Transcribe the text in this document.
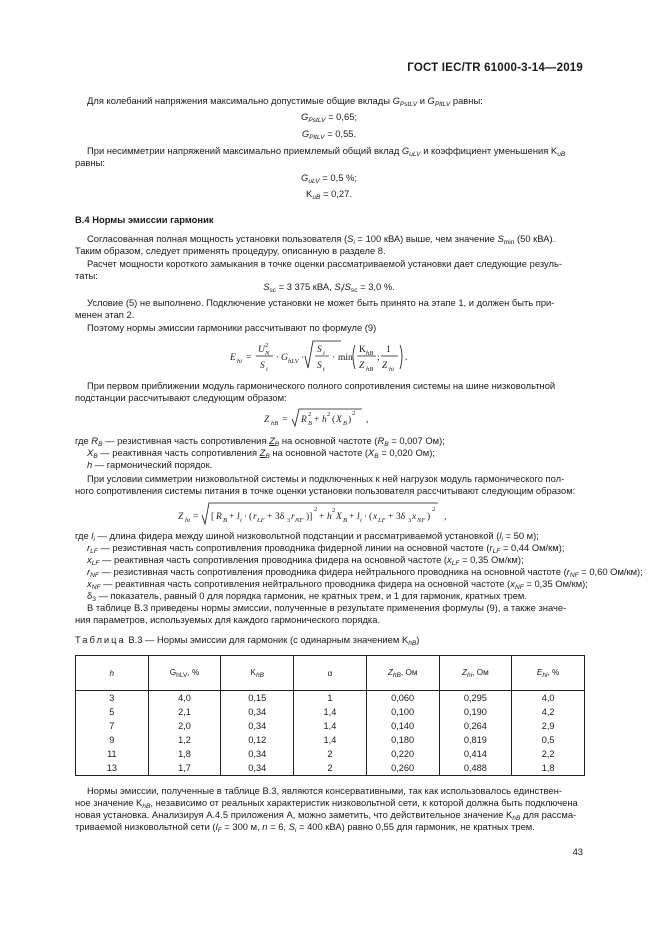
ГОСТ IEC/TR 61000-3-14—2019
Для колебаний напряжения максимально допустимые общие вклады $G_{PstLV}$ и $G_{PltLV}$ равны:
$G_{PstLV} = 0,65$;
$G_{PltLV} = 0,55$.
При несимметрии напряжений максимально приемлемый общий вклад $G_{uLV}$ и коэффициент уменьшения $K_{uB}$
равны:
$G_{uLV} = 0,5$ %;
$K_{uB} = 0,27$.
B.4 Нормы эмиссии гармоник
Согласованная полная мощность установки пользователя ($S_i = 100$ кВА) выше, чем значение $S_{min}$ (50 кВА).
Таким образом, следует применять процедуру, описанную в разделе 8.
Расчет мощности короткого замыкания в точке оценки рассматриваемой установки дает следующие резуль-
таты:
$S_{sc} = 3$ 375 кВА, $S_i/S_{sc} = 3,0$ %.
Условие (5) не выполнено. Подключение установки не может быть принято на этапе 1, и должен быть при-
менен этап 2.
Поэтому нормы эмиссии гармоники рассчитывают по формуле (9)
E hi =
U N
2
S i
· G hLV ·
S i
S t
· min
K hB
Z hB
;
1
Z hi
.
При первом приближении модуль гармонического полного сопротивления системы на шине низковольтной
подстанции рассчитывают следующим образом:
Z hB = R B
2
+ h
2
( X B )
2
,
где $R_B$ — резистивная часть сопротивления $Z_B$ на основной частоте ($R_B = 0,007$ Ом);
$X_B$ — реактивная часть сопротивления $Z_B$ на основной частоте ($X_B = 0,020$ Ом);
h — гармонический порядок.
При условии симметрии низковольтной системы и подключенных к ней нагрузок модуль гармонического пол-
ного сопротивления системы питания в точке оценки установки пользователя рассчитывают следующим образом:
Z hi = [ R B + l i · ( r LF + 3δ 3 r NF )]
2
+ h
2
X B + l i · ( x LF + 3δ 3 x NF )
2
,
где $l_i$ — длина фидера между шиной низковольтной подстанции и рассматриваемой установкой ($l_i = 50$ м);
$r_{LF}$ — резистивная часть сопротивления проводника фидерной линии на основной частоте ($r_{LF} = 0,44$ Ом/км);
$x_{LF}$ — реактивная часть сопротивления проводника фидера на основной частоте ($x_{LF} = 0,35$ Ом/км);
$r_{NF}$ — резистивная часть сопротивления проводника фидера нейтрального проводника на основной частоте ($r_{NF} = 0,60$ Ом/км);
$x_{NF}$ — реактивная часть сопротивления нейтрального проводника фидера на основной частоте ($x_{NF} = 0,35$ Ом/км);
$\delta_3$ — показатель, равный 0 для порядка гармоник, не кратных трем, и 1 для гармоник, кратных трем.
В таблице B.3 приведены нормы эмиссии, полученные в результате применения формулы (9), а также значе-
ния параметров, используемых для каждого гармонического порядка.
Таблица B.3 — Нормы эмиссии для гармоник (с одинарным значением $K_{hB}$)
h	$G_{hLV}$, %	$K_{hB}$	α	$Z_{hB}$, Ом	$Z_{hi}$, Ом	$E_{hi}$, %
3	4,0	0,15	1	0,060	0,295	4,0
5	2,1	0,34	1,4	0,100	0,190	4,2
7	2,0	0,34	1,4	0,140	0,264	2,9
9	1,2	0,12	1,4	0,180	0,819	0,5
11	1,8	0,34	2	0,220	0,414	2,2
13	1,7	0,34	2	0,260	0,488	1,8
Нормы эмиссии, полученные в таблице B.3, являются консервативными, так как использовалось единствен-
ное значение $K_{hB}$, независимо от реальных характеристик низковольтной сети, к которой должна быть подключена
новая установка. Анализируя А.4.5 приложения А, можно заметить, что действительное значение $K_{hB}$ для рассма-
триваемой низковольтной сети ($l_F = 300$ м, n = 6, $S_i = 400$ кВА) равно 0,55 для гармоник, не кратных трем.
43
